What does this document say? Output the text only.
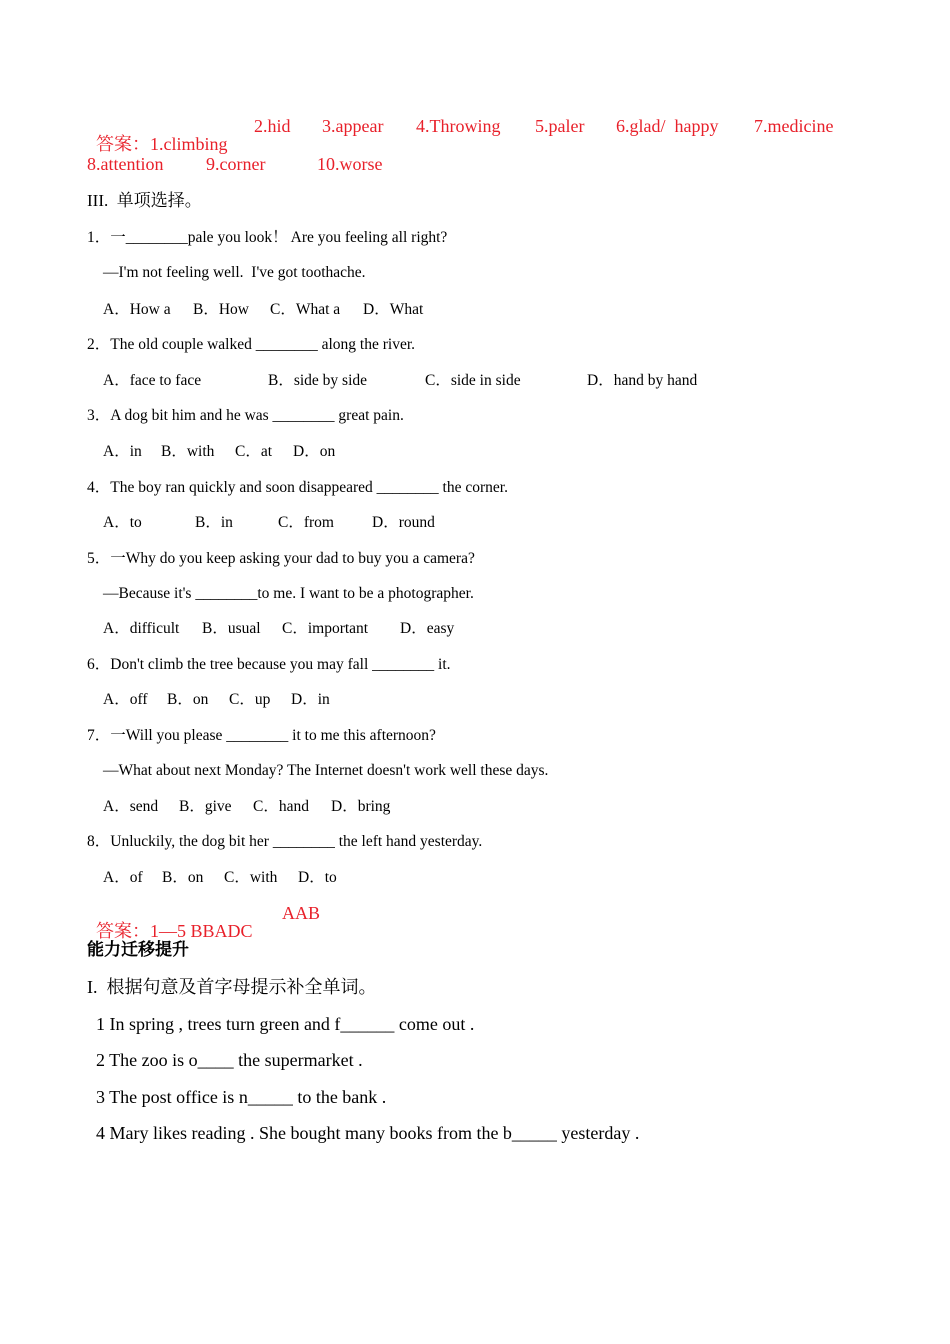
答案：1.climbing

2.hid 3.appear 4.Throwing 5.paler 6.glad/  happy 7.medicine
8.attention 9.corner	10.worse
III.  单项选择。
1．一________pale you look！ Are you feeling all right?
—I'm not feeling well.  I've got toothache.
A．How a B．How C．What a D．What
2．The old couple walked ________ along the river.
A．face to face	B．side by side	C．side in side	D．hand by hand
3．A dog bit him and he was ________ great pain.
A．in B．with C．at D．on
4．The boy ran quickly and soon disappeared ________ the corner.
A．to	B．in	C．from D．round
5．一Why do you keep asking your dad to buy you a camera?
—Because it's ________to me. I want to be a photographer.
A．difficult B．usual C．important D．easy
6．Don't climb the tree because you may fall ________ it.
A．off B．on C．up D．in
7．一Will you please ________ it to me this afternoon?
—What about next Monday? The Internet doesn't work well these days.
A．send B．give C．hand D．bring
8．Unluckily, the dog bit her ________ the left hand yesterday.
A．of B．on C．with D．to

答案：1—5 BBADC

AAB
能力迁移提升
I.  根据句意及首字母提示补全单词。
1 In spring , trees turn green and f______ come out .
2 The zoo is o____ the supermarket .
3 The post office is n_____ to the bank .
4 Mary likes reading . She bought many books from the b_____ yesterday .
